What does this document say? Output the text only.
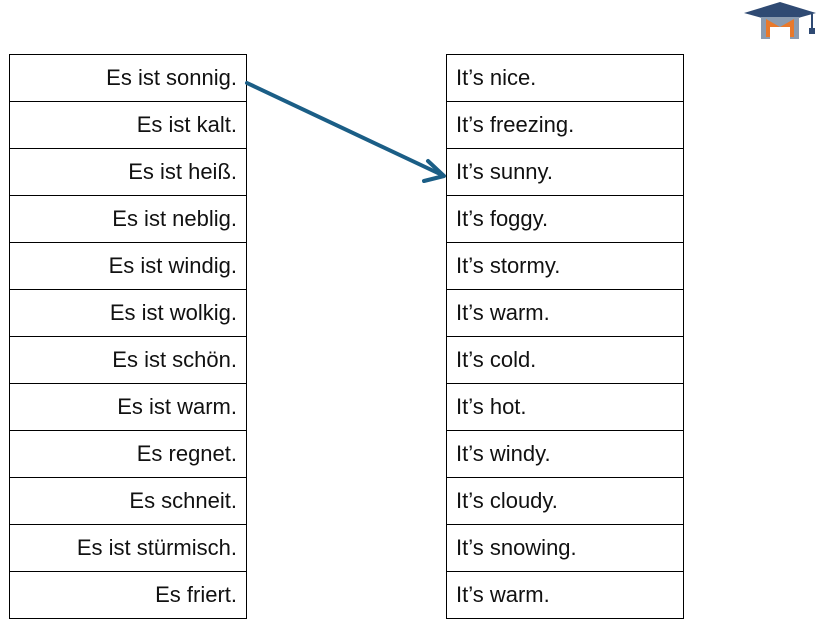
Es ist sonnig.
Es ist kalt.
Es ist heiß.
Es ist neblig.
Es ist windig.
Es ist wolkig.
Es ist schön.
Es ist warm.
Es regnet.
Es schneit.
Es ist stürmisch.
Es friert.
It’s nice.
It’s freezing.
It’s sunny.
It’s foggy.
It’s stormy.
It’s warm.
It’s cold.
It’s hot.
It’s windy.
It’s cloudy.
It’s snowing.
It’s warm.
